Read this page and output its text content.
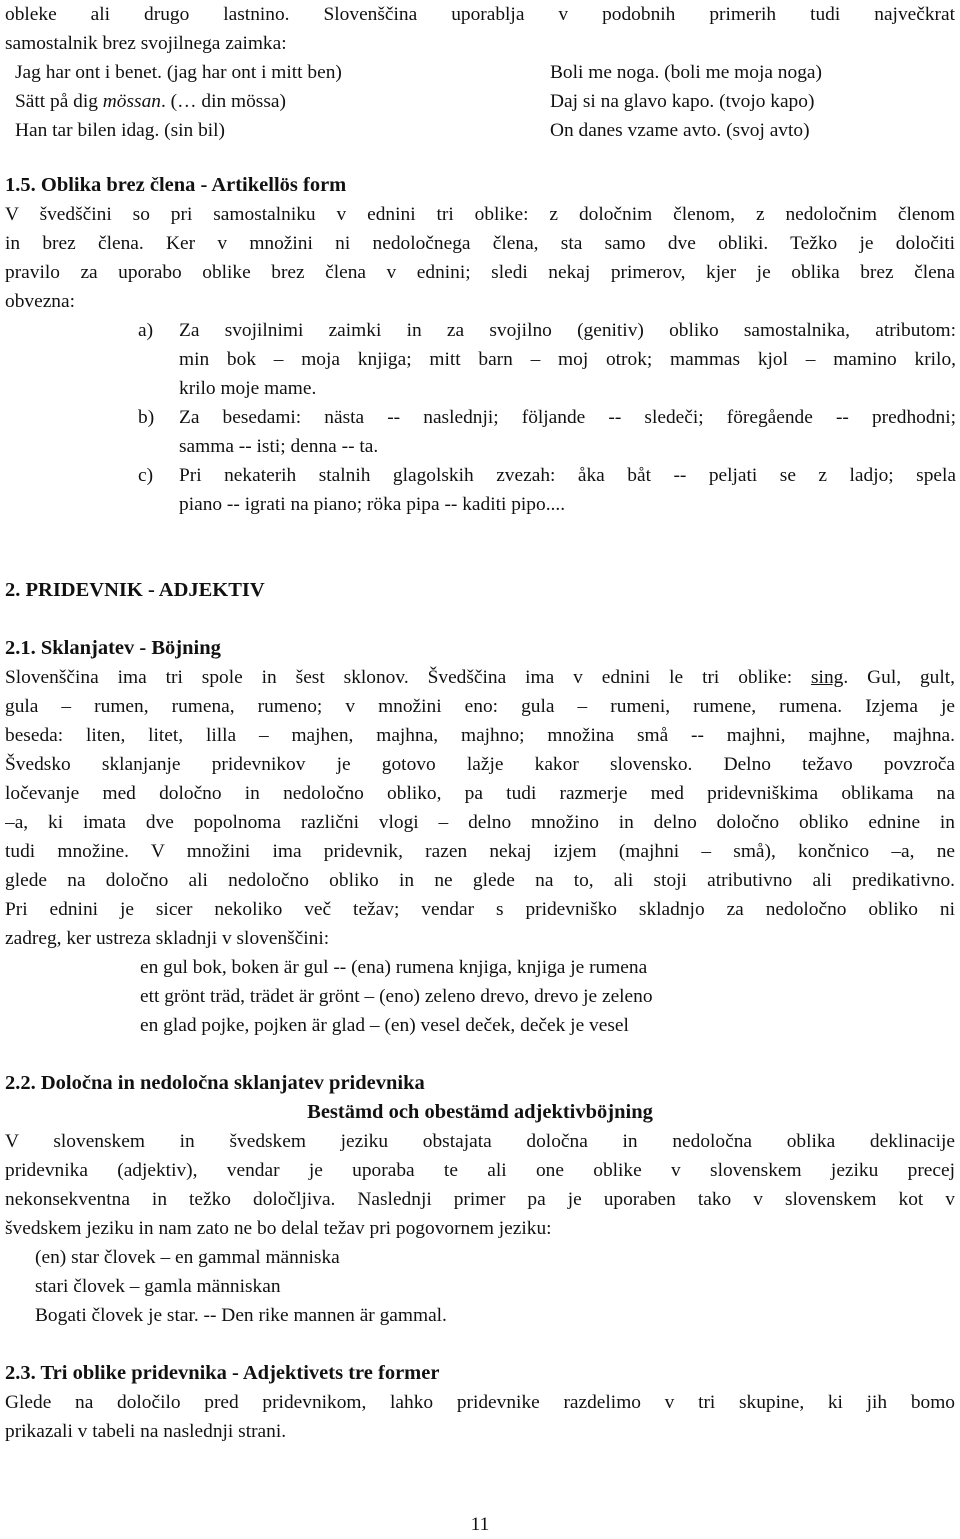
obleke ali drugo lastnino. Slovenščina uporablja v podobnih primerih tudi največkrat
samostalnik brez svojilnega zaimka:
Jag har ont i benet. (jag har ont i mitt ben)
Sätt på dig mössan. (… din mössa)
Han tar bilen idag. (sin bil)
Boli me noga. (boli me moja noga)
Daj si na glavo kapo. (tvojo kapo)
On danes vzame avto. (svoj avto)
1.5. Oblika brez člena - Artikellös form
V švedščini so pri samostalniku v ednini tri oblike: z določnim členom, z nedoločnim členom
in brez člena. Ker v množini ni nedoločnega člena, sta samo dve obliki. Težko je določiti
pravilo za uporabo oblike brez člena v ednini; sledi nekaj primerov, kjer je oblika brez člena
obvezna:
a) Za svojilnimi zaimki in za svojilno (genitiv) obliko samostalnika, atributom:
min bok – moja knjiga; mitt barn – moj otrok; mammas kjol – mamino krilo,
krilo moje mame.
b) Za besedami: nästa -- naslednji; följande -- sledeči; föregående -- predhodni;
samma -- isti; denna -- ta.
c) Pri nekaterih stalnih glagolskih zvezah: åka båt -- peljati se z ladjo; spela
piano -- igrati na piano; röka pipa -- kaditi pipo....
2. PRIDEVNIK - ADJEKTIV
2.1. Sklanjatev - Böjning
Slovenščina ima tri spole in šest sklonov. Švedščina ima v ednini le tri oblike: sing. Gul, gult,
gula – rumen, rumena, rumeno; v množini eno: gula – rumeni, rumene, rumena. Izjema je
beseda: liten, litet, lilla – majhen, majhna, majhno; množina små -- majhni, majhne, majhna.
Švedsko sklanjanje pridevnikov je gotovo lažje kakor slovensko. Delno težavo povzroča
ločevanje med določno in nedoločno obliko, pa tudi razmerje med pridevniškima oblikama na
–a, ki imata dve popolnoma različni vlogi – delno množino in delno določno obliko ednine in
tudi množine. V množini ima pridevnik, razen nekaj izjem (majhni – små), končnico –a, ne
glede na določno ali nedoločno obliko in ne glede na to, ali stoji atributivno ali predikativno.
Pri ednini je sicer nekoliko več težav; vendar s pridevniško skladnjo za nedoločno obliko ni
zadreg, ker ustreza skladnji v slovenščini:
en gul bok, boken är gul -- (ena) rumena knjiga, knjiga je rumena
ett grönt träd, trädet är grönt – (eno) zeleno drevo, drevo je zeleno
en glad pojke, pojken är glad – (en) vesel deček, deček je vesel
2.2. Določna in nedoločna sklanjatev pridevnika
Bestämd och obestämd adjektivböjning
V slovenskem in švedskem jeziku obstajata določna in nedoločna oblika deklinacije
pridevnika (adjektiv), vendar je uporaba te ali one oblike v slovenskem jeziku precej
nekonsekventna in težko določljiva. Naslednji primer pa je uporaben tako v slovenskem kot v
švedskem jeziku in nam zato ne bo delal težav pri pogovornem jeziku:
(en) star človek – en gammal människa
stari človek – gamla människan
Bogati človek je star. -- Den rike mannen är gammal.
2.3. Tri oblike pridevnika - Adjektivets tre former
Glede na določilo pred pridevnikom, lahko pridevnike razdelimo v tri skupine, ki jih bomo
prikazali v tabeli na naslednji strani.
11
